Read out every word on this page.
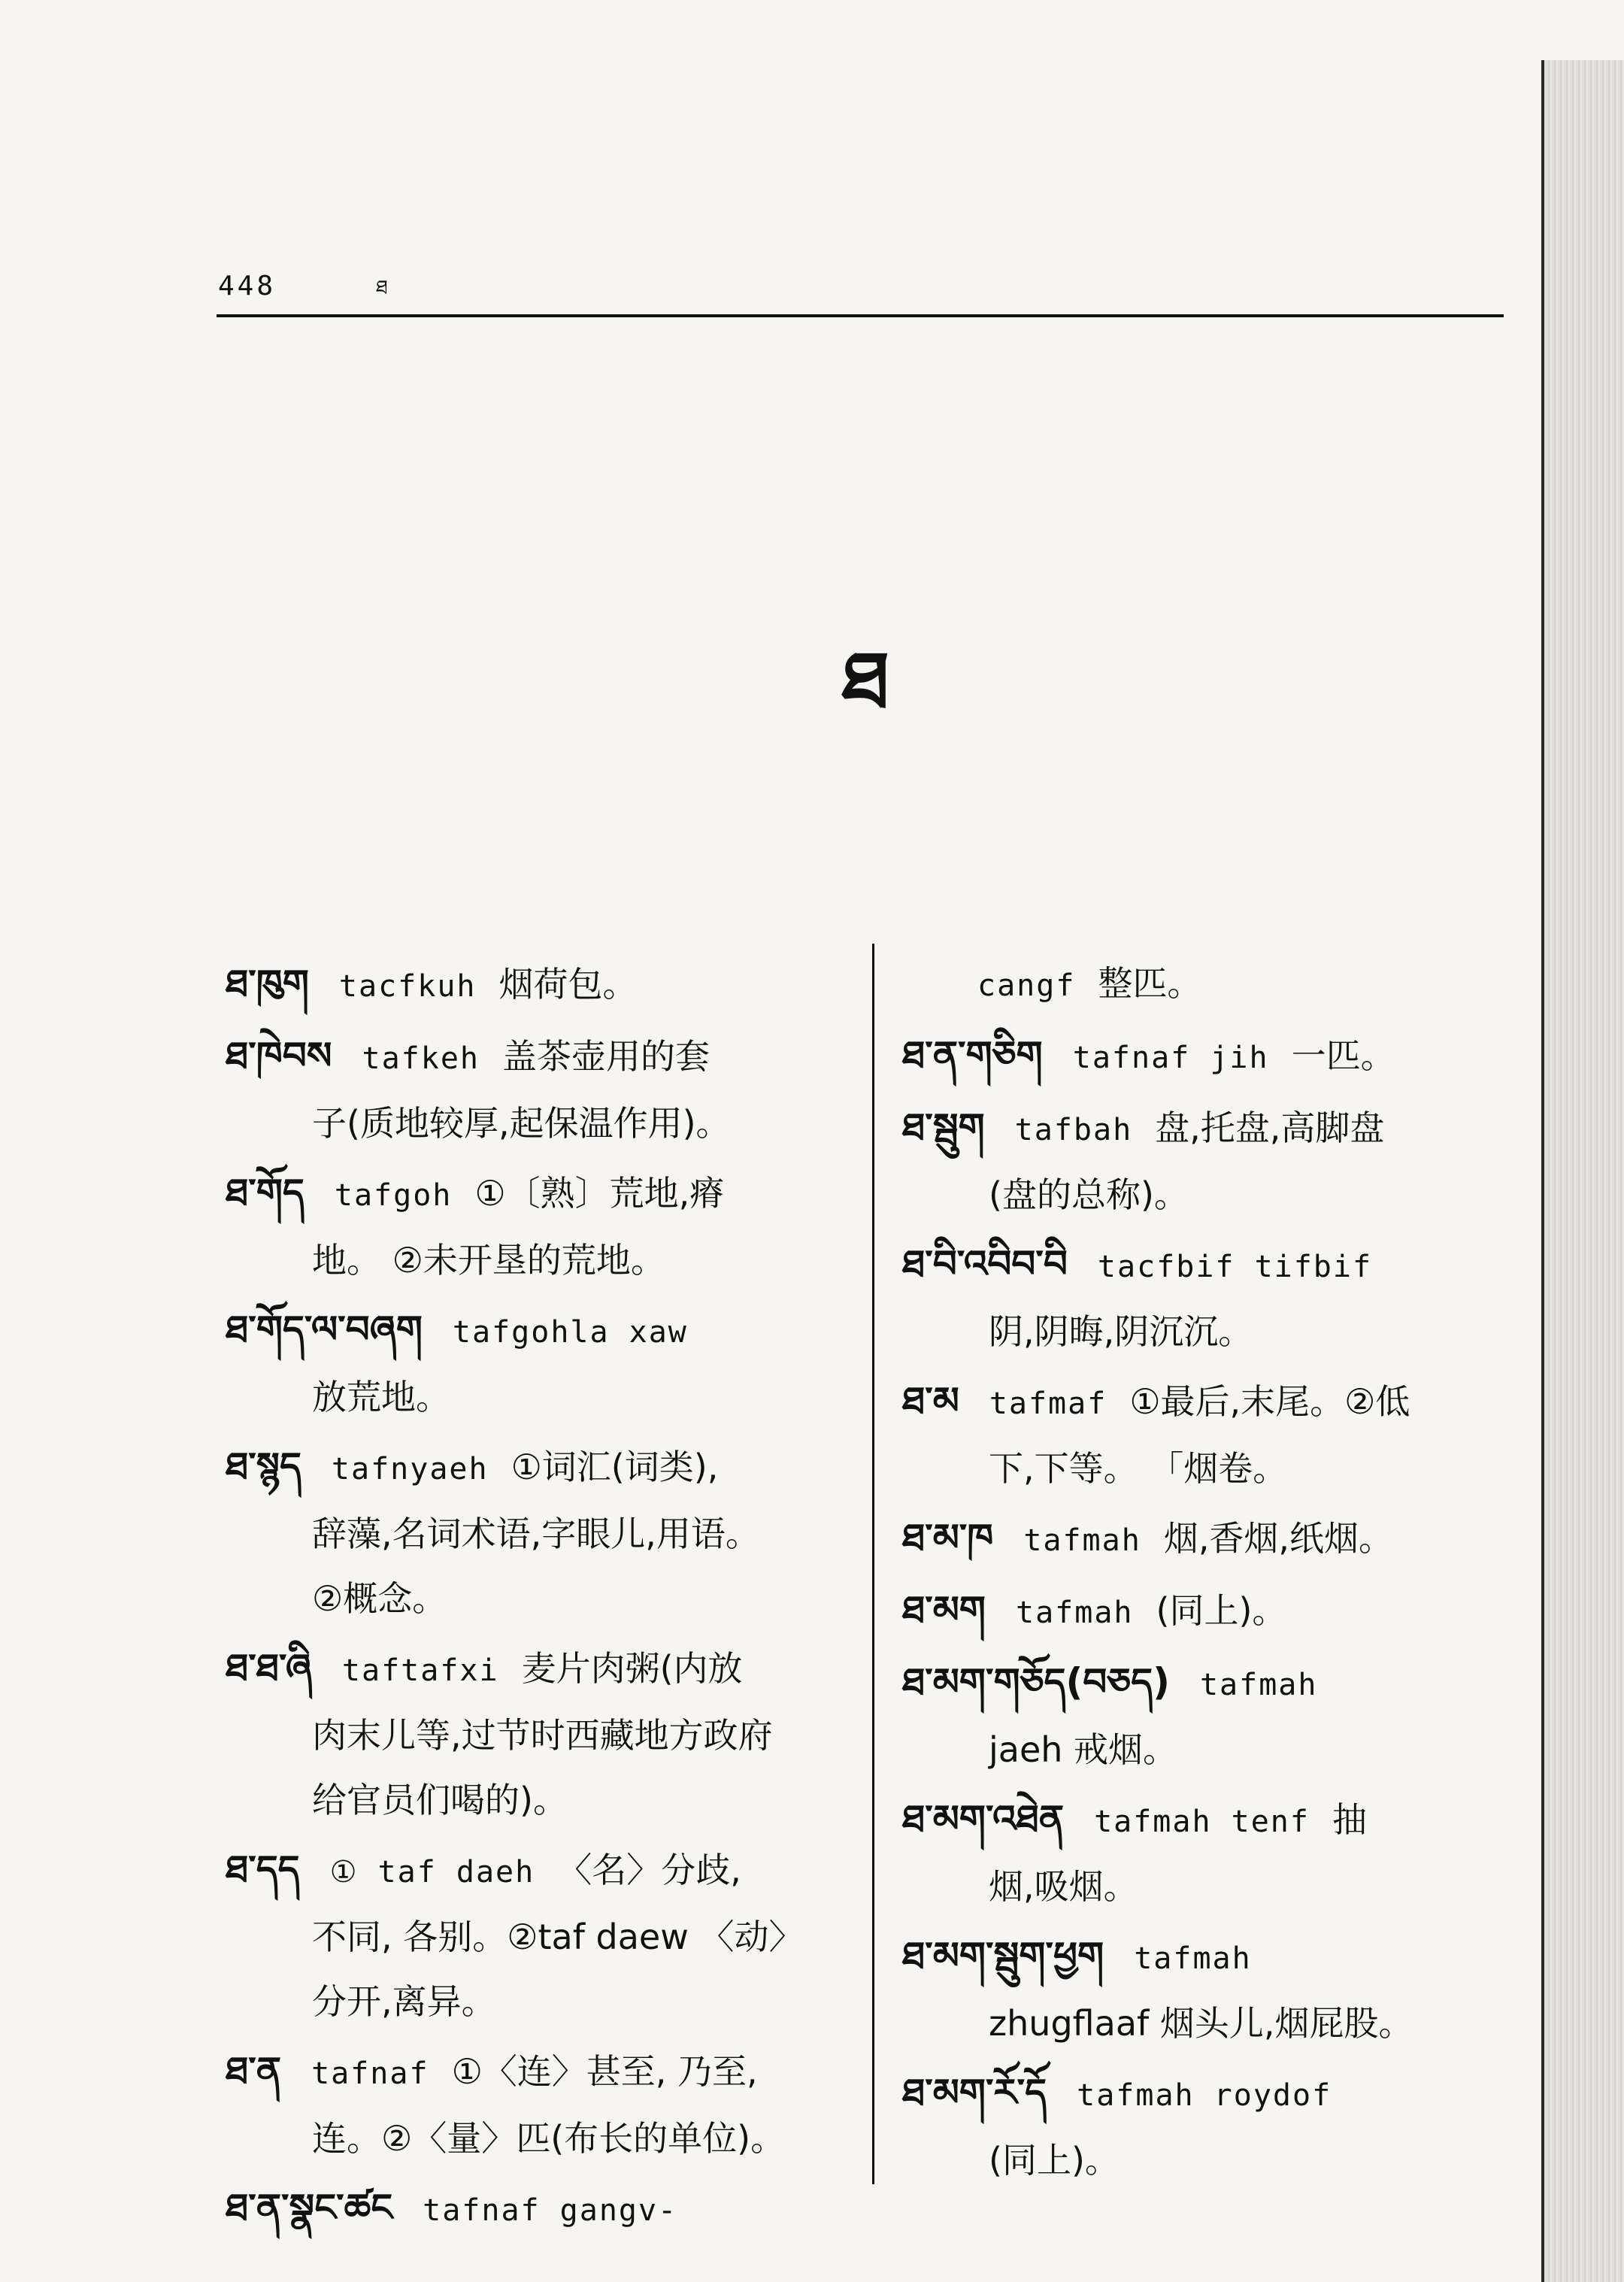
448	ཐ
ཐ
ཐ་ཁུག tacfkuh 烟荷包。
ཐ་ཁེབས tafkeh 盖茶壶用的套
子(质地较厚,起保温作用)。
ཐ་གོད tafgoh ①〔熟〕荒地,瘠
地。 ②未开垦的荒地。
ཐ་གོད་ལ་བཞག tafgohla xaw
放荒地。
ཐ་སྙད tafnyaeh ①词汇(词类),
辞藻,名词术语,字眼儿,用语。
②概念。
ཐ་ཐ་ཞི taftafxi 麦片肉粥(内放
肉末儿等,过节时西藏地方政府
给官员们喝的)。
ཐ་དད ① taf daeh 〈名〉分歧,
不同, 各别。②taf daew 〈动〉
分开,离异。
ཐ་ན tafnaf ①〈连〉甚至, 乃至,
连。②〈量〉匹(布长的单位)。
ཐ་ན་སྣང་ཚང tafnaf gangv-
cangf 整匹。
ཐ་ན་གཅིག tafnaf jih 一匹。
ཐ་སྦུག tafbah 盘,托盘,高脚盘
(盘的总称)。
ཐ་བི་འབིབ་བི tacfbif tifbif
阴,阴晦,阴沉沉。
ཐ་མ tafmaf ①最后,末尾。②低
下,下等。 「烟卷。
ཐ་མ་ཁ tafmah 烟,香烟,纸烟。
ཐ་མག tafmah (同上)。
ཐ་མག་གཅོད(བཅད) tafmah
jaeh 戒烟。
ཐ་མག་འཐེན tafmah tenf 抽
烟,吸烟。
ཐ་མག་སྦུག་ཕྱག tafmah
zhugflaaf 烟头儿,烟屁股。
ཐ་མག་རོ་དོ tafmah roydof
(同上)。
